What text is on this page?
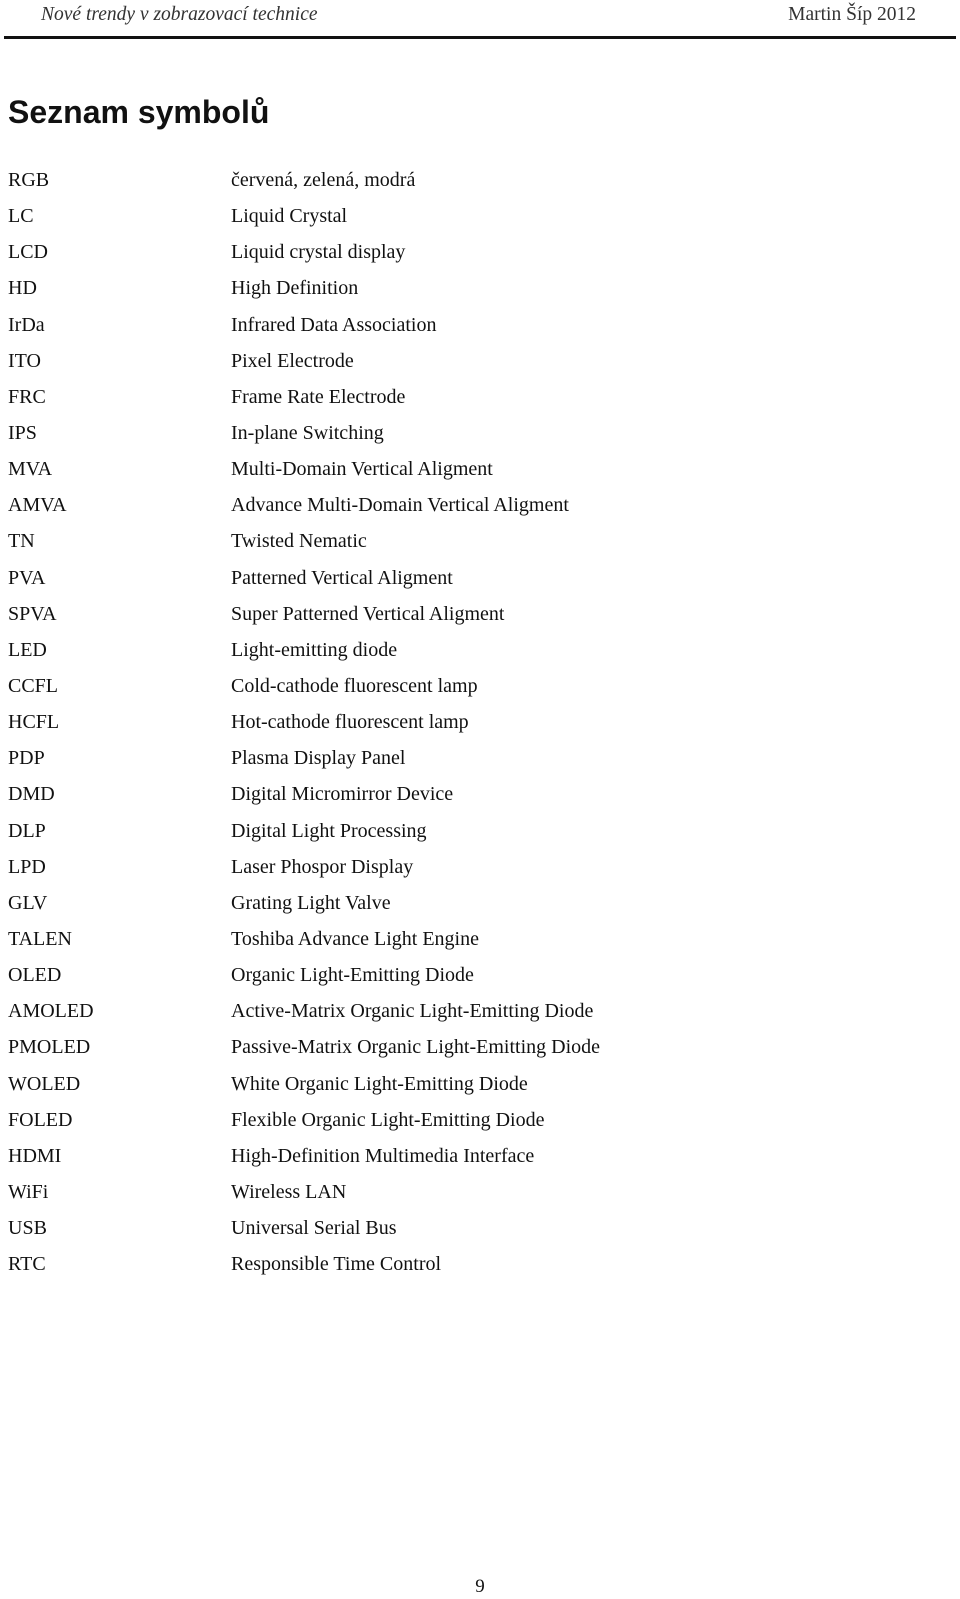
Nové trendy v zobrazovací technice	Martin Šíp 2012
Seznam symbolů
RGB	červená, zelená, modrá
LC	Liquid Crystal
LCD	Liquid crystal display
HD	High Definition
IrDa	Infrared Data Association
ITO	Pixel Electrode
FRC	Frame Rate Electrode
IPS	In-plane Switching
MVA	Multi-Domain Vertical Aligment
AMVA	Advance Multi-Domain Vertical Aligment
TN	Twisted Nematic
PVA	Patterned Vertical Aligment
SPVA	Super Patterned Vertical Aligment
LED	Light-emitting diode
CCFL	Cold-cathode fluorescent lamp
HCFL	Hot-cathode fluorescent lamp
PDP	Plasma Display Panel
DMD	Digital Micromirror Device
DLP	Digital Light Processing
LPD	Laser Phospor Display
GLV	Grating Light Valve
TALEN	Toshiba Advance Light Engine
OLED	Organic Light-Emitting Diode
AMOLED	Active-Matrix Organic Light-Emitting Diode
PMOLED	Passive-Matrix Organic Light-Emitting Diode
WOLED	White Organic Light-Emitting Diode
FOLED	Flexible Organic Light-Emitting Diode
HDMI	High-Definition Multimedia Interface
WiFi	Wireless LAN
USB	Universal Serial Bus
RTC	Responsible Time Control
9
